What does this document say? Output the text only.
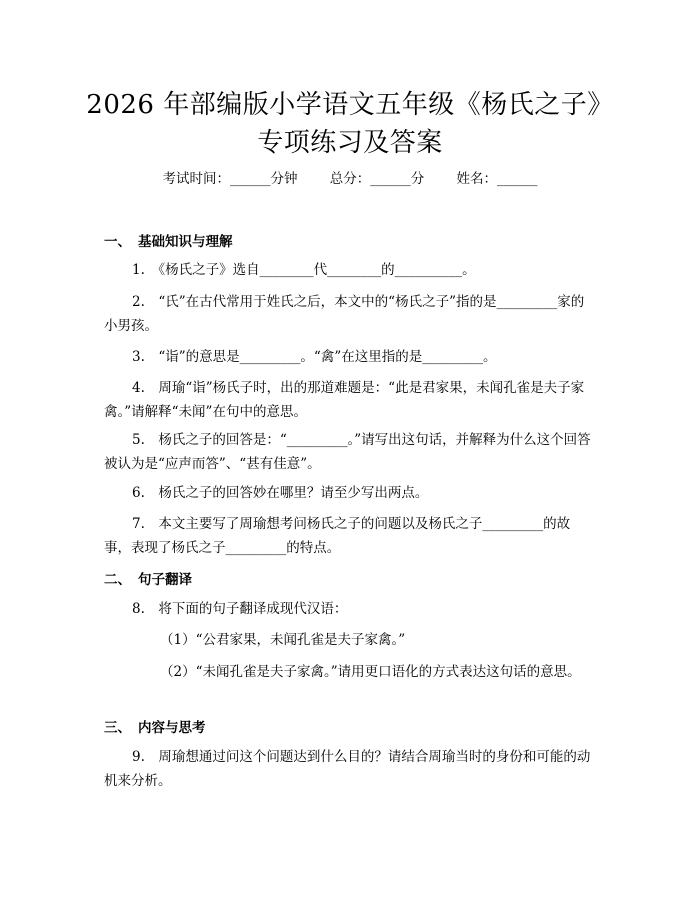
2026 年部编版小学语文五年级《杨氏之子》
专项练习及答案
考试时间：______分钟 总分：______分 姓名：______
一、 基础知识与理解
1.　《杨氏之子》选自________代________的__________。
2.　“氏”在古代常用于姓氏之后，本文中的“杨氏之子”指的是_________家的小男孩。
3.　“诣”的意思是_________。“禽”在这里指的是_________。
4.　周瑜“诣”杨氏子时，出的那道难题是：“此是君家果，未闻孔雀是夫子家禽。”请解释“未闻”在句中的意思。
5.　杨氏之子的回答是：“_________。”请写出这句话，并解释为什么这个回答被认为是“应声而答”、“甚有佳意”。
6.　杨氏之子的回答妙在哪里？请至少写出两点。
7.　本文主要写了周瑜想考问杨氏之子的问题以及杨氏之子_________的故事，表现了杨氏之子_________的特点。
二、 句子翻译
8.　将下面的句子翻译成现代汉语：
（1）“公君家果，未闻孔雀是夫子家禽。”
（2）“未闻孔雀是夫子家禽。”请用更口语化的方式表达这句话的意思。
三、 内容与思考
9.　周瑜想通过问这个问题达到什么目的？请结合周瑜当时的身份和可能的动机来分析。
